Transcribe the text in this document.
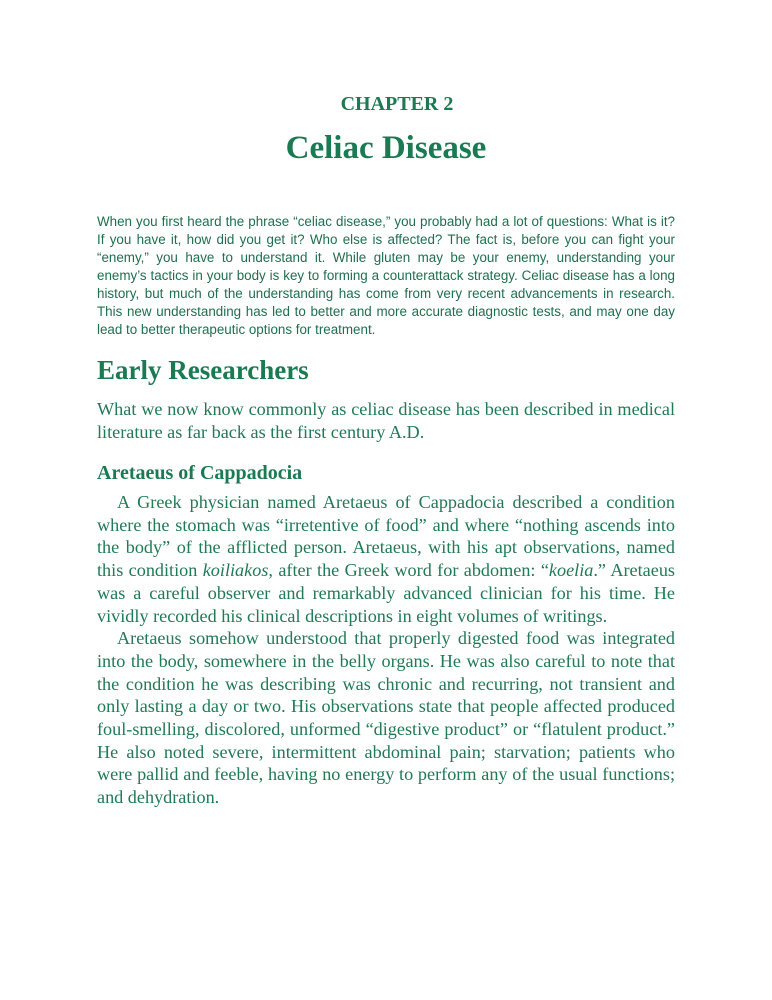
CHAPTER 2
Celiac Disease

When you first heard the phrase “celiac disease,” you probably had a lot of questions: What is it? If you have it, how did you get it? Who else is affected? The fact is, before you can fight your “enemy,” you have to understand it. While gluten may be your enemy, understanding your enemy’s tactics in your body is key to forming a counterattack strategy. Celiac disease has a long history, but much of the understanding has come from very recent advancements in research. This new understanding has led to better and more accurate diagnostic tests, and may one day lead to better therapeutic options for treatment.

Early Researchers

What we now know commonly as celiac disease has been described in medical literature as far back as the first century A.D.

Aretaeus of Cappadocia

A Greek physician named Aretaeus of Cappadocia described a condition where the stomach was “irretentive of food” and where “nothing ascends into the body” of the afflicted person. Aretaeus, with his apt observations, named this condition koiliakos, after the Greek word for abdomen: “koelia.” Aretaeus was a careful observer and remarkably advanced clinician for his time. He vividly recorded his clinical descriptions in eight volumes of writings.

Aretaeus somehow understood that properly digested food was integrated into the body, somewhere in the belly organs. He was also careful to note that the condition he was describing was chronic and recurring, not transient and only lasting a day or two. His observations state that people affected produced foul-smelling, discolored, unformed “digestive product” or “flatulent product.” He also noted severe, intermittent abdominal pain; starvation; patients who were pallid and feeble, having no energy to perform any of the usual functions; and dehydration.
